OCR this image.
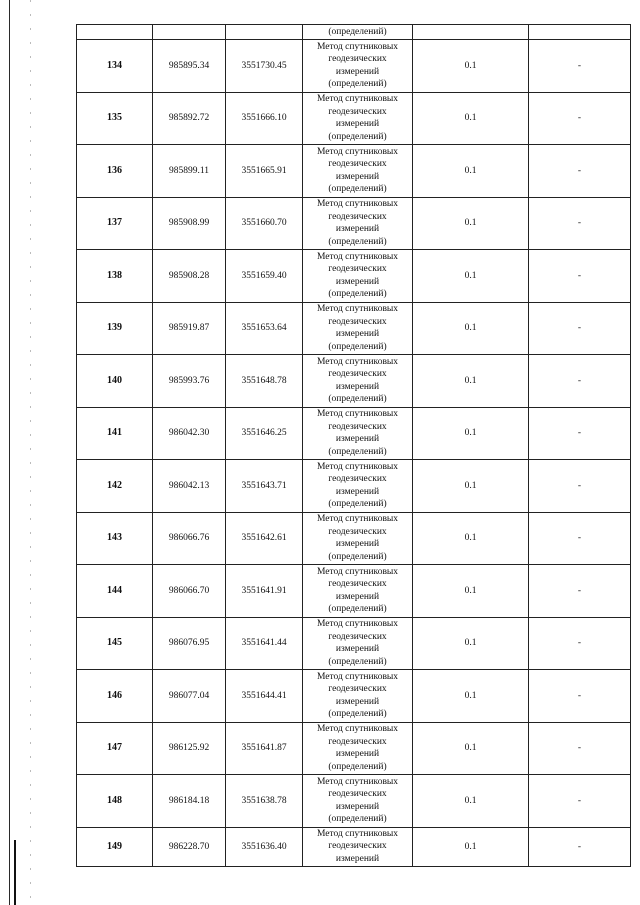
			(определений)		
134	985895.34	3551730.45	Метод спутниковых
геодезических
измерений
(определений)	0.1	-
135	985892.72	3551666.10	Метод спутниковых
геодезических
измерений
(определений)	0.1	-
136	985899.11	3551665.91	Метод спутниковых
геодезических
измерений
(определений)	0.1	-
137	985908.99	3551660.70	Метод спутниковых
геодезических
измерений
(определений)	0.1	-
138	985908.28	3551659.40	Метод спутниковых
геодезических
измерений
(определений)	0.1	-
139	985919.87	3551653.64	Метод спутниковых
геодезических
измерений
(определений)	0.1	-
140	985993.76	3551648.78	Метод спутниковых
геодезических
измерений
(определений)	0.1	-
141	986042.30	3551646.25	Метод спутниковых
геодезических
измерений
(определений)	0.1	-
142	986042.13	3551643.71	Метод спутниковых
геодезических
измерений
(определений)	0.1	-
143	986066.76	3551642.61	Метод спутниковых
геодезических
измерений
(определений)	0.1	-
144	986066.70	3551641.91	Метод спутниковых
геодезических
измерений
(определений)	0.1	-
145	986076.95	3551641.44	Метод спутниковых
геодезических
измерений
(определений)	0.1	-
146	986077.04	3551644.41	Метод спутниковых
геодезических
измерений
(определений)	0.1	-
147	986125.92	3551641.87	Метод спутниковых
геодезических
измерений
(определений)	0.1	-
148	986184.18	3551638.78	Метод спутниковых
геодезических
измерений
(определений)	0.1	-
149	986228.70	3551636.40	Метод спутниковых
геодезических
измерений	0.1	-
